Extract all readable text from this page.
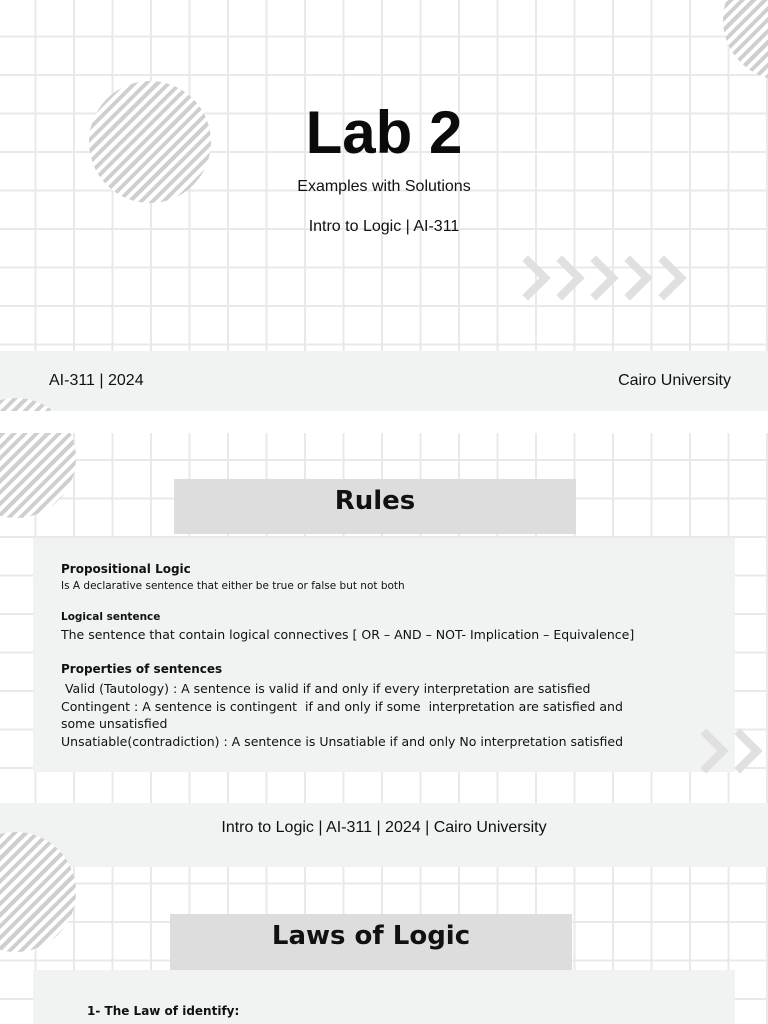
Lab 2
Examples with Solutions
Intro to Logic | AI-311
AI-311 | 2024	Cairo University
Rules
Propositional Logic
Is A declarative sentence that either be true or false but not both
Logical sentence
The sentence that contain logical connectives [ OR – AND – NOT- Implication – Equivalence]
Properties of sentences
Valid (Tautology) : A sentence is valid if and only if every interpretation are satisfied
Contingent : A sentence is contingent  if and only if some  interpretation are satisfied and
some unsatisfied
Unsatiable(contradiction) : A sentence is Unsatiable if and only No interpretation satisfied
Intro to Logic | AI-311 | 2024 | Cairo University
Laws of Logic
1- The Law of identify:
